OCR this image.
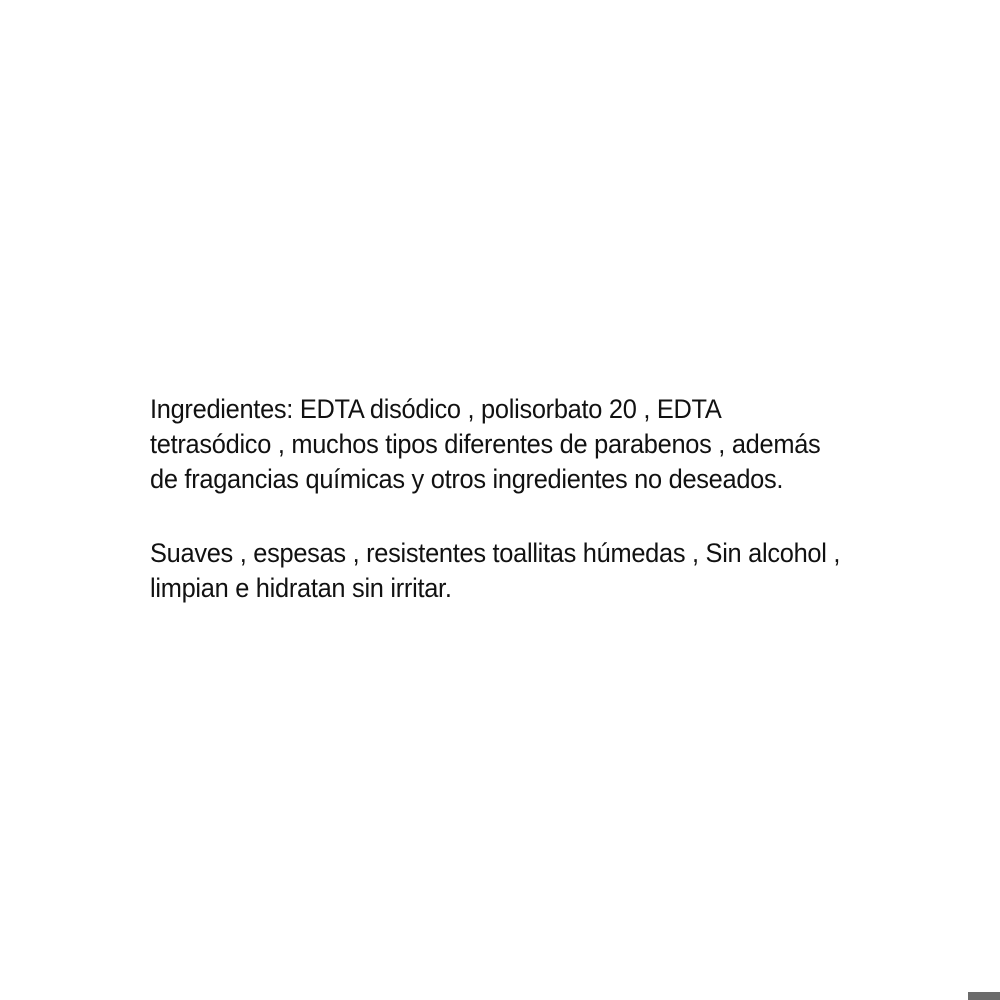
Ingredientes: EDTA disódico , polisorbato 20 , EDTA
tetrasódico , muchos tipos diferentes de parabenos , además
de fragancias químicas y otros ingredientes no deseados.

Suaves , espesas , resistentes toallitas húmedas , Sin alcohol ,
limpian e hidratan sin irritar.
